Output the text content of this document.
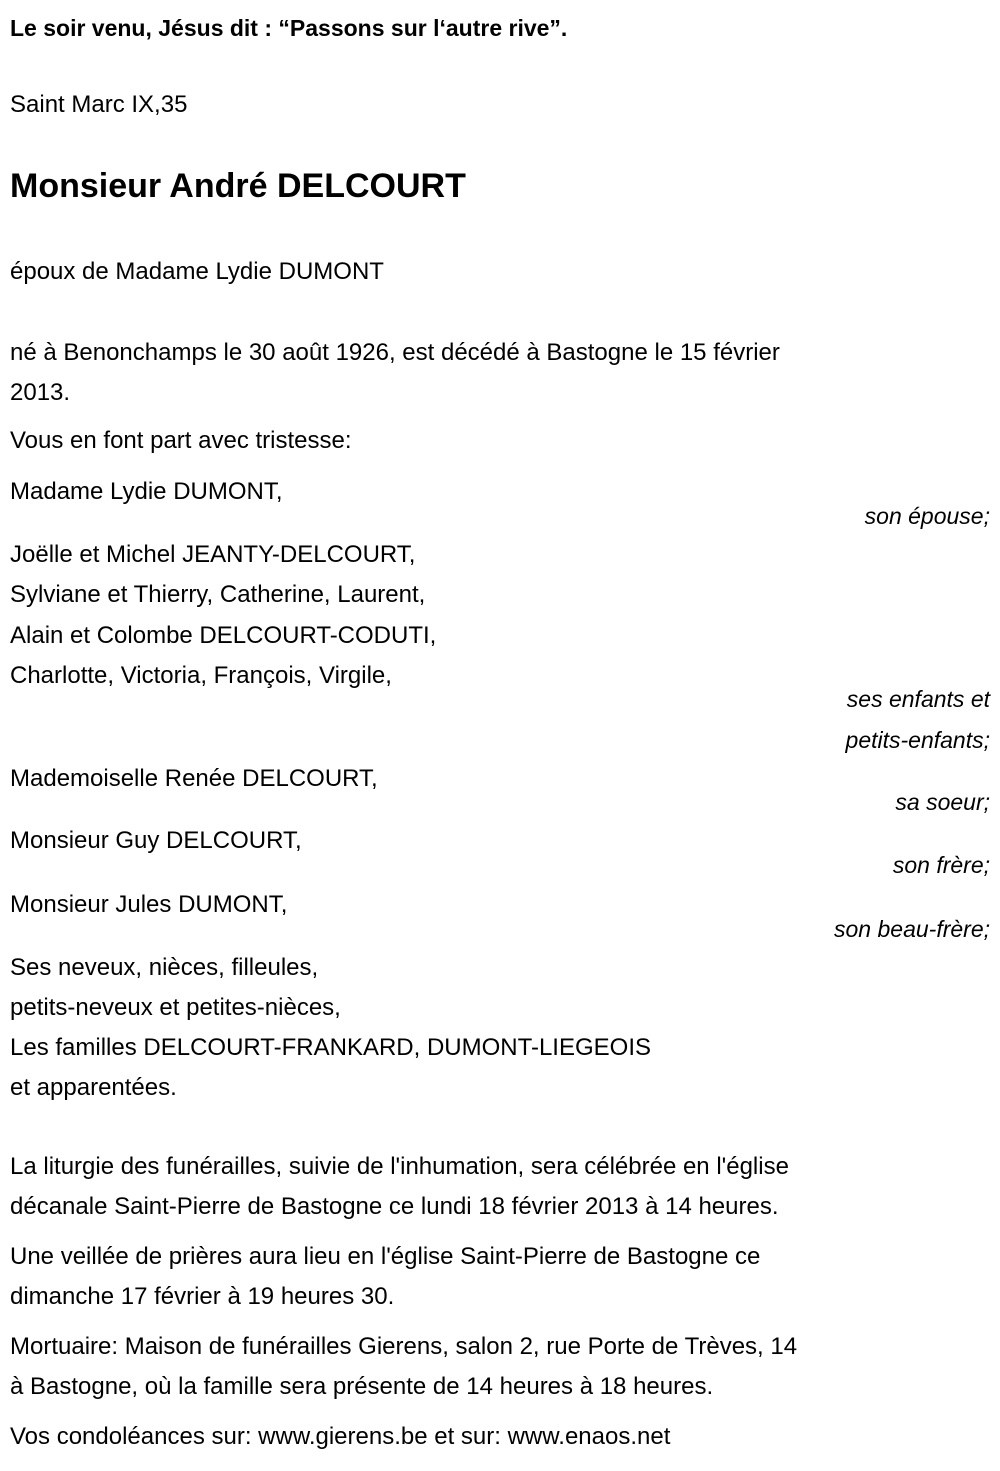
Le soir venu, Jésus dit : “Passons sur l‘autre rive”.
Saint Marc IX,35
Monsieur André DELCOURT
époux de Madame Lydie DUMONT
né à Benonchamps le 30 août 1926, est décédé à Bastogne le 15 février
2013.
Vous en font part avec tristesse:
Madame Lydie DUMONT,
son épouse;
Joëlle et Michel JEANTY-DELCOURT,
Sylviane et Thierry, Catherine, Laurent,
Alain et Colombe DELCOURT-CODUTI,
Charlotte, Victoria, François, Virgile,
ses enfants et
petits-enfants;
Mademoiselle Renée DELCOURT,
sa soeur;
Monsieur Guy DELCOURT,
son frère;
Monsieur Jules DUMONT,
son beau-frère;
Ses neveux, nièces, filleules,
petits-neveux et petites-nièces,
Les familles DELCOURT-FRANKARD, DUMONT-LIEGEOIS
et apparentées.
La liturgie des funérailles, suivie de l'inhumation, sera célébrée en l'église
décanale Saint-Pierre de Bastogne ce lundi 18 février 2013 à 14 heures.
Une veillée de prières aura lieu en l'église Saint-Pierre de Bastogne ce
dimanche 17 février à 19 heures 30.
Mortuaire: Maison de funérailles Gierens, salon 2, rue Porte de Trèves, 14
à Bastogne, où la famille sera présente de 14 heures à 18 heures.
Vos condoléances sur: www.gierens.be et sur: www.enaos.net
